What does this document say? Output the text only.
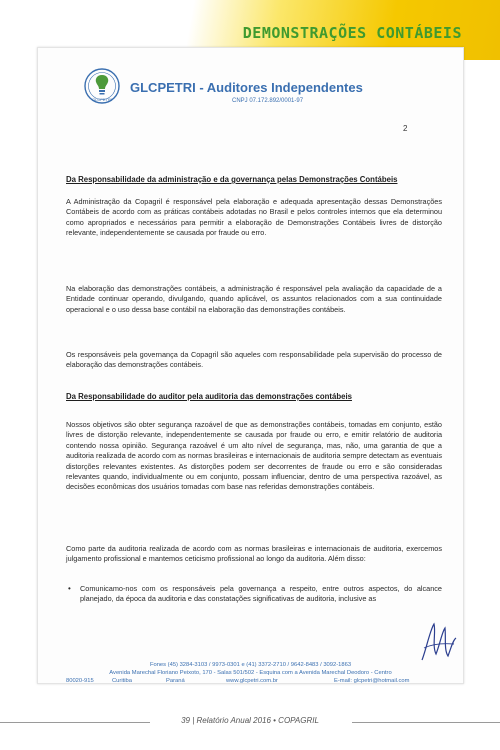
DEMONSTRAÇÕES CONTÁBEIS
GLCPETRI
GLCPETRI - Auditores Independentes
CNPJ 07.172.892/0001-97
2
Da Responsabilidade da administração e da governança pelas Demonstrações Contábeis
A Administração da Copagril é responsável pela elaboração e adequada apresentação dessas Demonstrações Contábeis de acordo com as práticas contábeis adotadas no Brasil e pelos controles internos que ela determinou como apropriados e necessários para permitir a elaboração de Demonstrações Contábeis livres de distorção relevante, independentemente se causada por fraude ou erro.
Na elaboração das demonstrações contábeis, a administração é responsável pela avaliação da capacidade de a Entidade continuar operando, divulgando, quando aplicável, os assuntos relacionados com a sua continuidade operacional e o uso dessa base contábil na elaboração das demonstrações contábeis.
Os responsáveis pela governança da Copagril são aqueles com responsabilidade pela supervisão do processo de elaboração das demonstrações contábeis.
Da Responsabilidade do auditor pela auditoria das demonstrações contábeis
Nossos objetivos são obter segurança razoável de que as demonstrações contábeis, tomadas em conjunto, estão livres de distorção relevante, independentemente se causada por fraude ou erro, e emitir relatório de auditoria contendo nossa opinião. Segurança razoável é um alto nível de segurança, mas, não, uma garantia de que a auditoria realizada de acordo com as normas brasileiras e internacionais de auditoria sempre detectam as eventuais distorções relevantes existentes. As distorções podem ser decorrentes de fraude ou erro e são consideradas relevantes quando, individualmente ou em conjunto, possam influenciar, dentro de uma perspectiva razoável, as decisões econômicas dos usuários tomadas com base nas referidas demonstrações contábeis.
Como parte da auditoria realizada de acordo com as normas brasileiras e internacionais de auditoria, exercemos julgamento profissional e mantemos ceticismo profissional ao longo da auditoria. Além disso:
• Comunicamo-nos com os responsáveis pela governança a respeito, entre outros aspectos, do alcance planejado, da época da auditoria e das constatações significativas de auditoria, inclusive as
Fones (45) 3284-3103 / 9973-0301 e (41) 3372-2710 / 9642-8483 / 3092-1863
Avenida Marechal Floriano Peixoto, 170 - Salas 501/502 - Esquina com a Avenida Marechal Deodoro - Centro
80020-915	Curitiba	Paraná	www.glcpetri.com.br	E-mail: glcpetri@hotmail.com
39 | Relatório Anual 2016 • COPAGRIL
